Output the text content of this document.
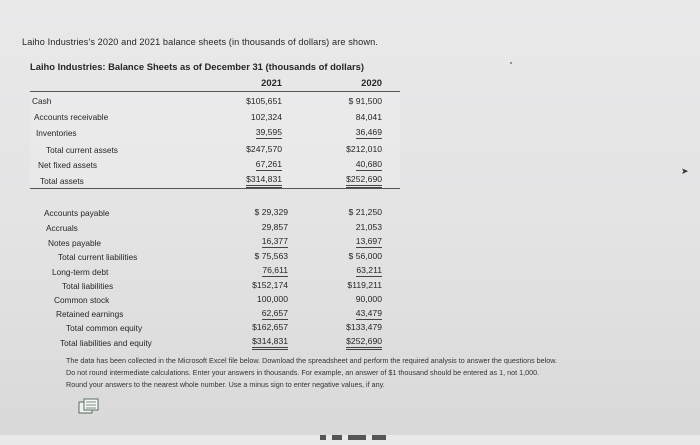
Laiho Industries's 2020 and 2021 balance sheets (in thousands of dollars) are shown.
Laiho Industries: Balance Sheets as of December 31 (thousands of dollars)
2021	2020
Cash	$105,651	$ 91,500
Accounts receivable	102,324	84,041
Inventories	39,595	36,469
Total current assets	$247,570	$212,010
Net fixed assets	67,261	40,680
Total assets	$314,831	$252,690
Accounts payable	$ 29,329	$ 21,250
Accruals	29,857	21,053
Notes payable	16,377	13,697
Total current liabilities	$ 75,563	$ 56,000
Long-term debt	76,611	63,211
Total liabilities	$152,174	$119,211
Common stock	100,000	90,000
Retained earnings	62,657	43,479
Total common equity	$162,657	$133,479
Total liabilities and equity	$314,831	$252,690
The data has been collected in the Microsoft Excel file below. Download the spreadsheet and perform the required analysis to answer the questions below.
Do not round intermediate calculations. Enter your answers in thousands. For example, an answer of $1 thousand should be entered as 1, not 1,000.
Round your answers to the nearest whole number. Use a minus sign to enter negative values, if any.
➤
